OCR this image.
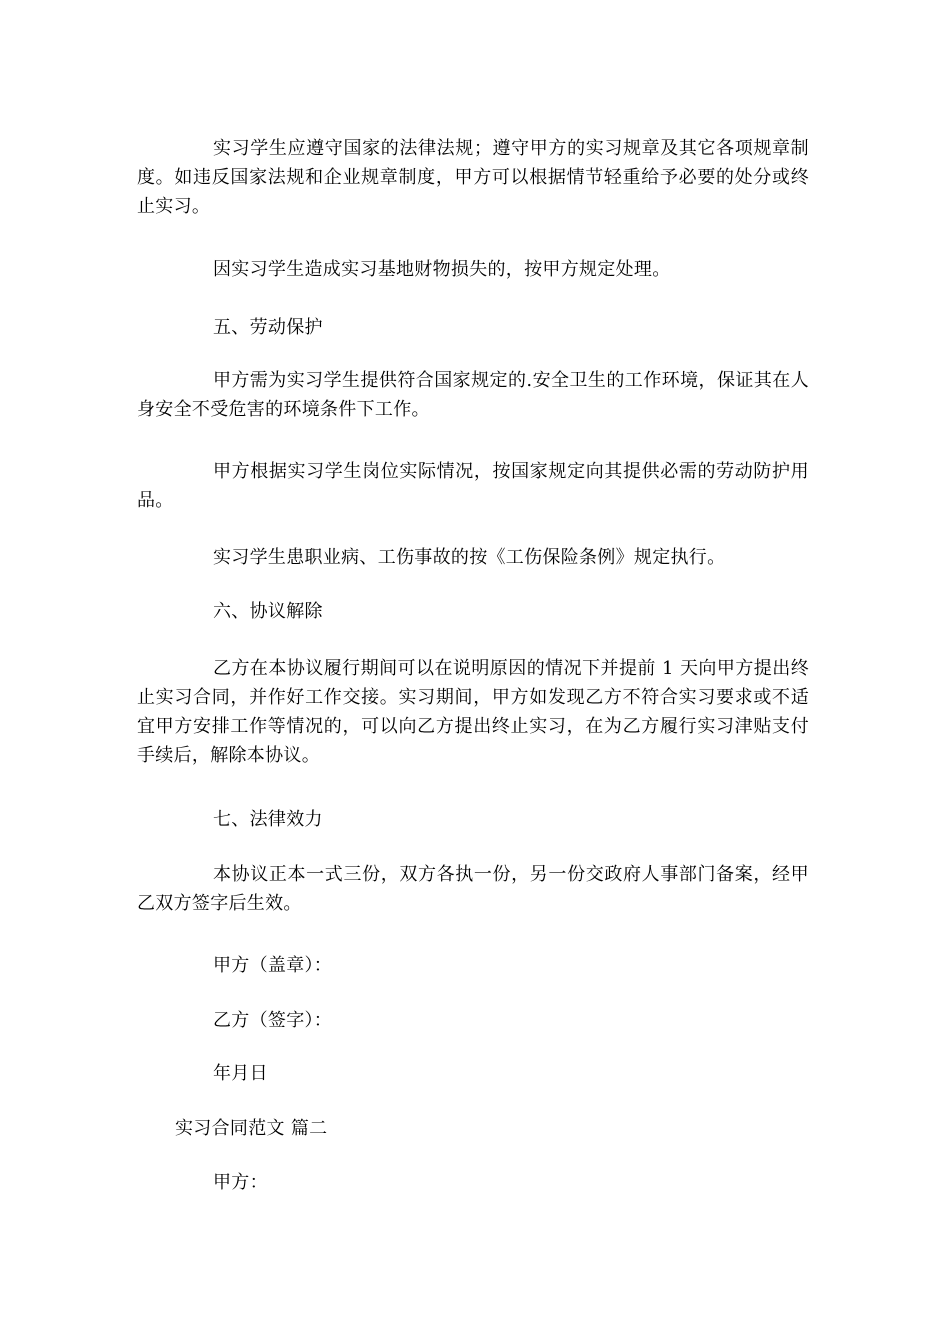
实习学生应遵守国家的法律法规；遵守甲方的实习规章及其它各项规章制度。如违反国家法规和企业规章制度，甲方可以根据情节轻重给予必要的处分或终止实习。

因实习学生造成实习基地财物损失的，按甲方规定处理。

五、劳动保护

甲方需为实习学生提供符合国家规定的.安全卫生的工作环境，保证其在人身安全不受危害的环境条件下工作。

甲方根据实习学生岗位实际情况，按国家规定向其提供必需的劳动防护用品。

实习学生患职业病、工伤事故的按《工伤保险条例》规定执行。

六、协议解除

乙方在本协议履行期间可以在说明原因的情况下并提前 1 天向甲方提出终止实习合同，并作好工作交接。实习期间，甲方如发现乙方不符合实习要求或不适宜甲方安排工作等情况的，可以向乙方提出终止实习，在为乙方履行实习津贴支付手续后，解除本协议。

七、法律效力

本协议正本一式三份，双方各执一份，另一份交政府人事部门备案，经甲乙双方签字后生效。

甲方（盖章）：

乙方（签字）：

年月日

实习合同范文 篇二

甲方：
